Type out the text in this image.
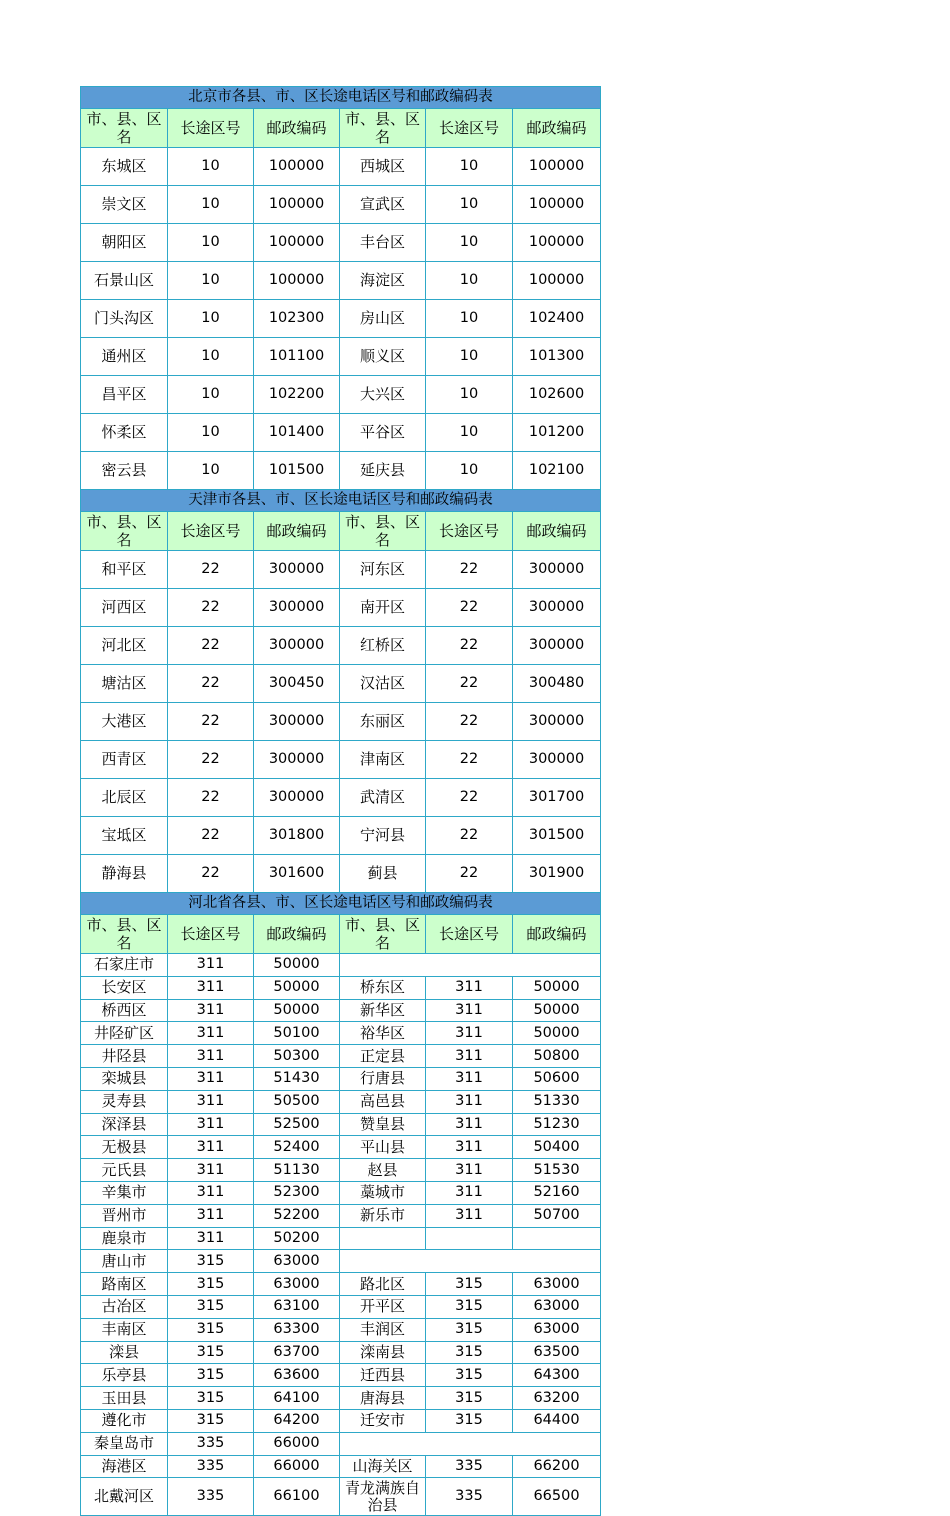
北京市各县、市、区长途电话区号和邮政编码表					
市、县、区名	长途区号	邮政编码	市、县、区名	长途区号	邮政编码
东城区	10	100000	西城区	10	100000
崇文区	10	100000	宣武区	10	100000
朝阳区	10	100000	丰台区	10	100000
石景山区	10	100000	海淀区	10	100000
门头沟区	10	102300	房山区	10	102400
通州区	10	101100	顺义区	10	101300
昌平区	10	102200	大兴区	10	102600
怀柔区	10	101400	平谷区	10	101200
密云县	10	101500	延庆县	10	102100
天津市各县、市、区长途电话区号和邮政编码表					
市、县、区名	长途区号	邮政编码	市、县、区名	长途区号	邮政编码
和平区	22	300000	河东区	22	300000
河西区	22	300000	南开区	22	300000
河北区	22	300000	红桥区	22	300000
塘沽区	22	300450	汉沽区	22	300480
大港区	22	300000	东丽区	22	300000
西青区	22	300000	津南区	22	300000
北辰区	22	300000	武清区	22	301700
宝坻区	22	301800	宁河县	22	301500
静海县	22	301600	蓟县	22	301900
河北省各县、市、区长途电话区号和邮政编码表					
市、县、区名	长途区号	邮政编码	市、县、区名	长途区号	邮政编码
石家庄市	311	50000			
长安区	311	50000	桥东区	311	50000
桥西区	311	50000	新华区	311	50000
井陉矿区	311	50100	裕华区	311	50000
井陉县	311	50300	正定县	311	50800
栾城县	311	51430	行唐县	311	50600
灵寿县	311	50500	高邑县	311	51330
深泽县	311	52500	赞皇县	311	51230
无极县	311	52400	平山县	311	50400
元氏县	311	51130	赵县	311	51530
辛集市	311	52300	藁城市	311	52160
晋州市	311	52200	新乐市	311	50700
鹿泉市	311	50200			
唐山市	315	63000			
路南区	315	63000	路北区	315	63000
古冶区	315	63100	开平区	315	63000
丰南区	315	63300	丰润区	315	63000
滦县	315	63700	滦南县	315	63500
乐亭县	315	63600	迁西县	315	64300
玉田县	315	64100	唐海县	315	63200
遵化市	315	64200	迁安市	315	64400
秦皇岛市	335	66000			
海港区	335	66000	山海关区	335	66200
北戴河区	335	66100	青龙满族自治县	335	66500
